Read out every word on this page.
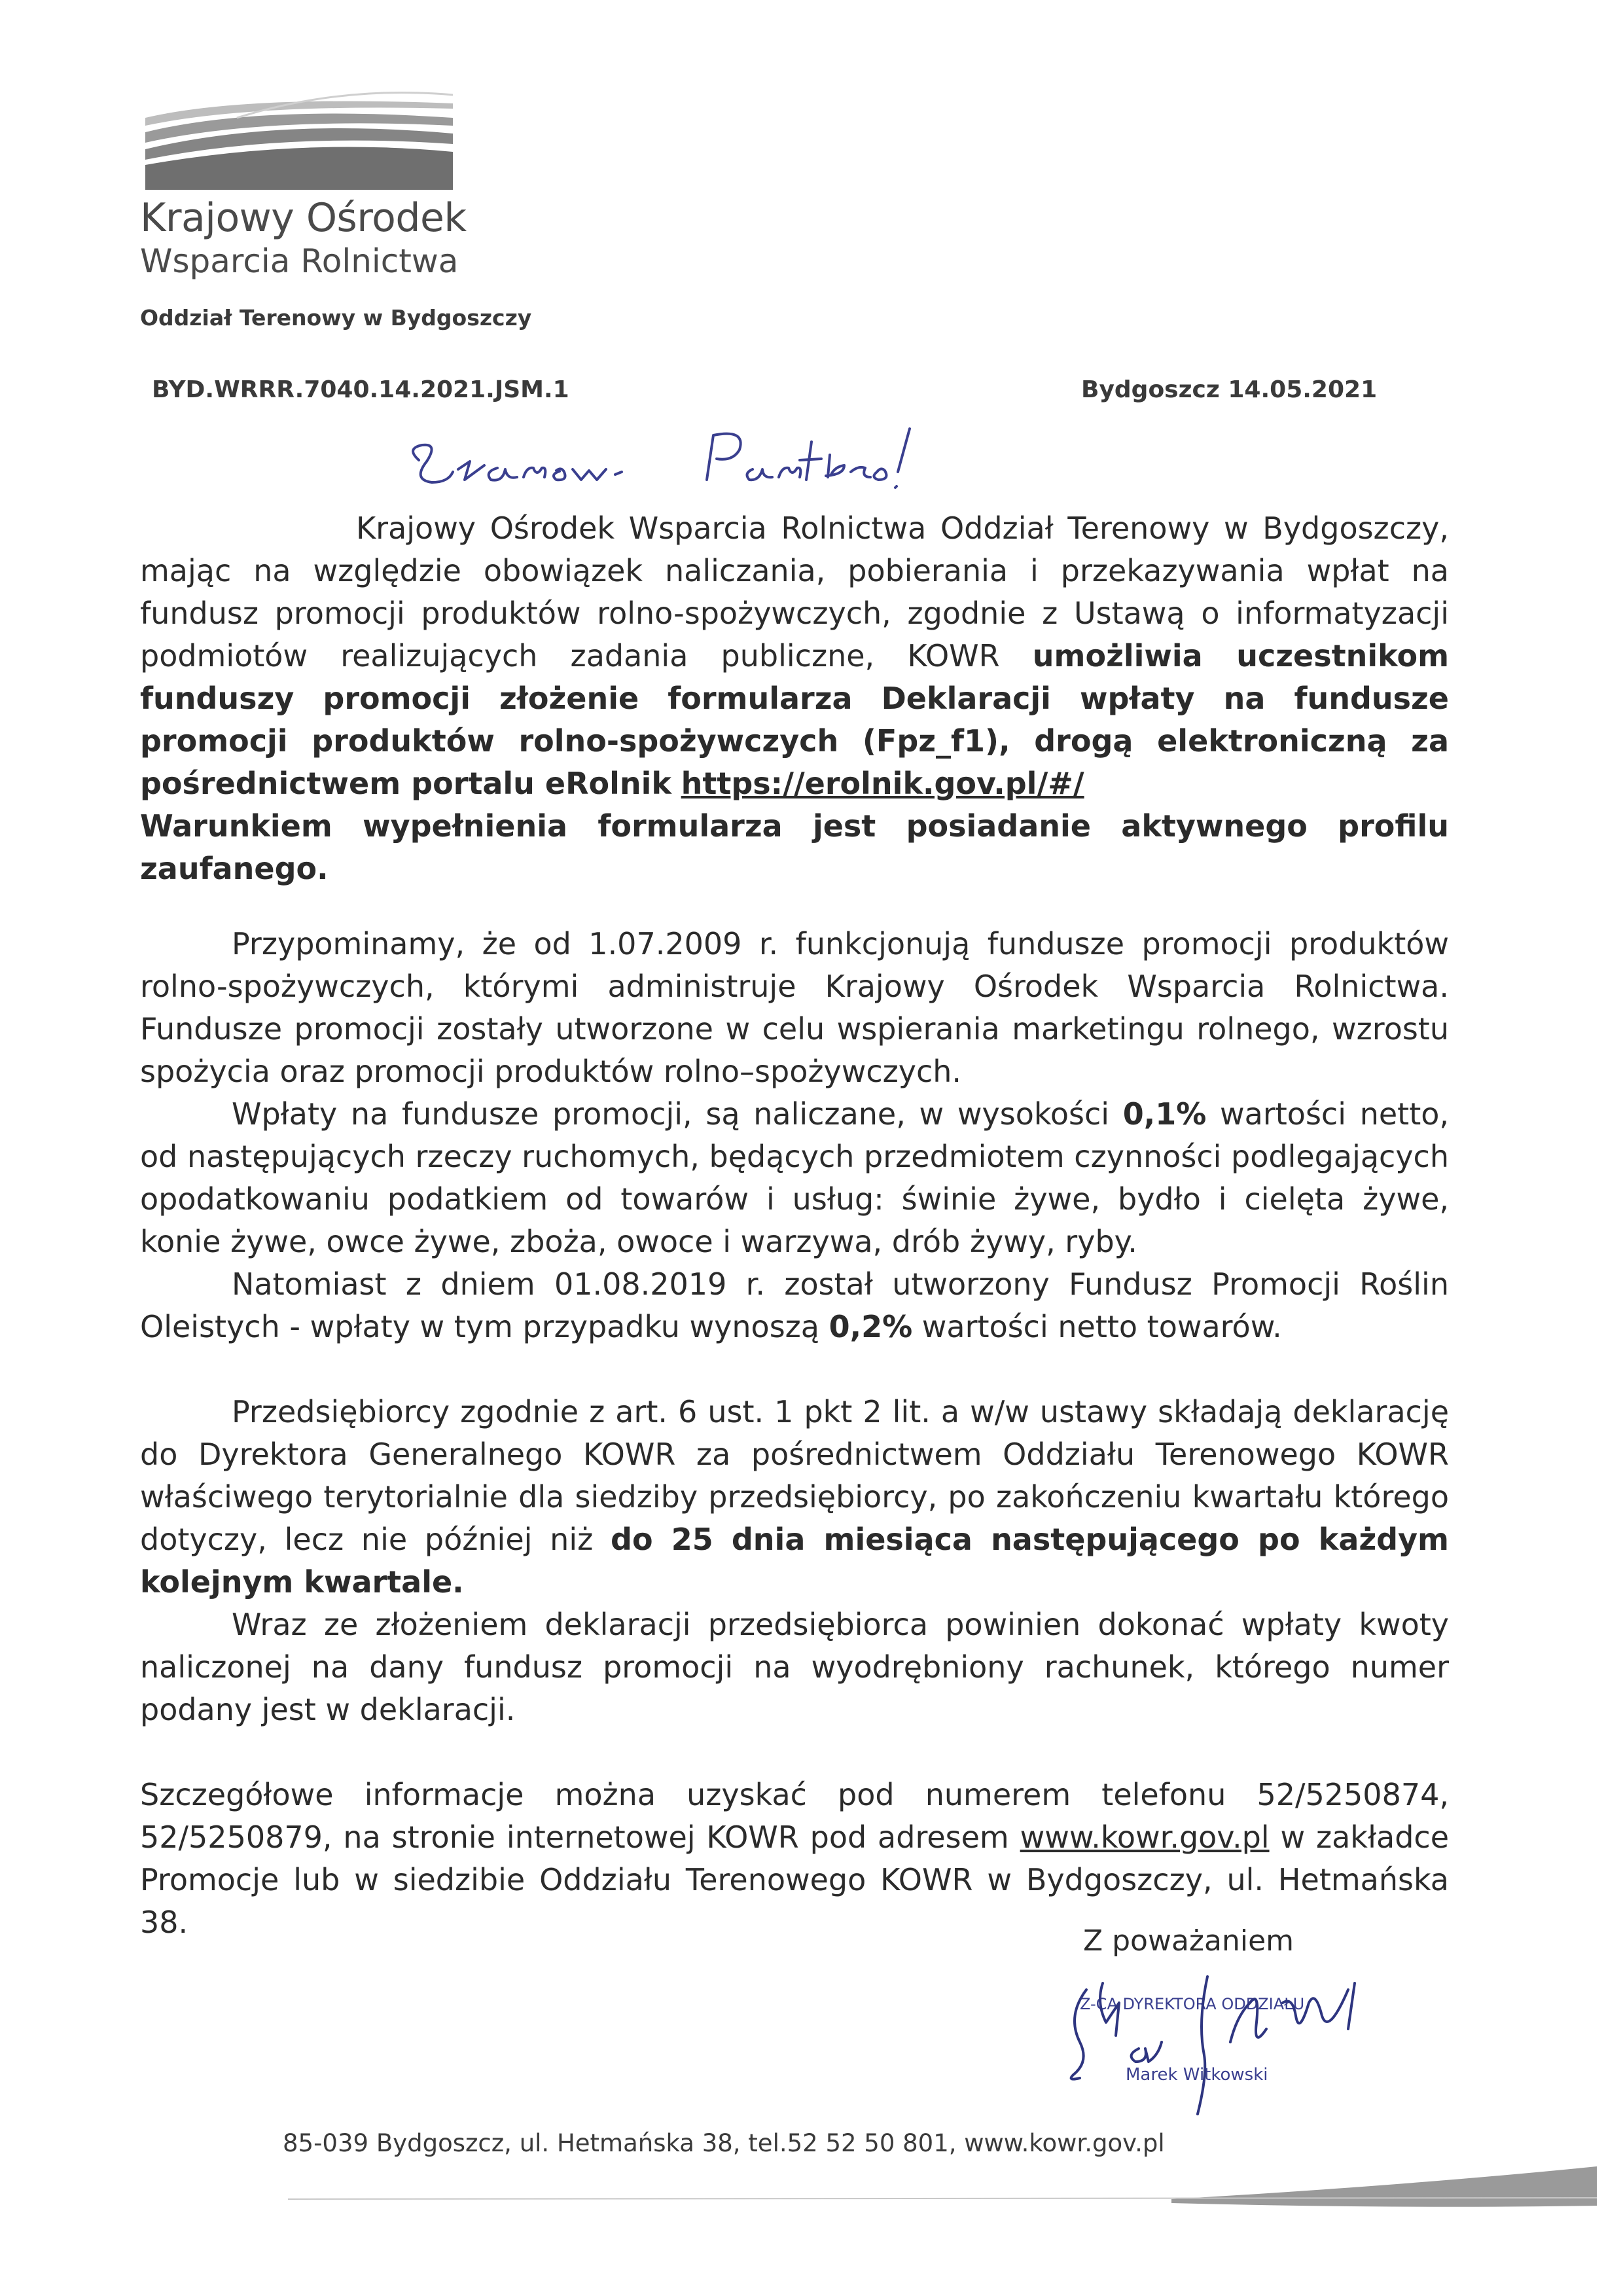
Krajowy Ośrodek
Wsparcia Rolnictwa
Oddział Terenowy w Bydgoszczy
BYD.WRRR.7040.14.2021.JSM.1	Bydgoszcz 14.05.2021
Krajowy Ośrodek Wsparcia Rolnictwa Oddział Terenowy w Bydgoszczy, mając na względzie obowiązek naliczania, pobierania i przekazywania wpłat na fundusz promocji produktów rolno-spożywczych, zgodnie z Ustawą o informatyzacji podmiotów realizujących zadania publiczne, KOWR umożliwia uczestnikom funduszy promocji złożenie formularza Deklaracji wpłaty na fundusze promocji produktów rolno-spożywczych (Fpz_f1), drogą elektroniczną za pośrednictwem portalu eRolnik https://erolnik.gov.pl/#/
Warunkiem wypełnienia formularza jest posiadanie aktywnego profilu zaufanego.
Przypominamy, że od 1.07.2009 r. funkcjonują fundusze promocji produktów rolno-spożywczych, którymi administruje Krajowy Ośrodek Wsparcia Rolnictwa. Fundusze promocji zostały utworzone w celu wspierania marketingu rolnego, wzrostu spożycia oraz promocji produktów rolno–spożywczych.
Wpłaty na fundusze promocji, są naliczane, w wysokości 0,1% wartości netto, od następujących rzeczy ruchomych, będących przedmiotem czynności podlegających opodatkowaniu podatkiem od towarów i usług: świnie żywe, bydło i cielęta żywe, konie żywe, owce żywe, zboża, owoce i warzywa, drób żywy, ryby.
Natomiast z dniem 01.08.2019 r. został utworzony Fundusz Promocji Roślin Oleistych - wpłaty w tym przypadku wynoszą 0,2% wartości netto towarów.
Przedsiębiorcy zgodnie z art. 6 ust. 1 pkt 2 lit. a w/w ustawy składają deklarację do Dyrektora Generalnego KOWR za pośrednictwem Oddziału Terenowego KOWR właściwego terytorialnie dla siedziby przedsiębiorcy, po zakończeniu kwartału którego dotyczy, lecz nie później niż do 25 dnia miesiąca następującego po każdym kolejnym kwartale.
Wraz ze złożeniem deklaracji przedsiębiorca powinien dokonać wpłaty kwoty naliczonej na dany fundusz promocji na wyodrębniony rachunek, którego numer podany jest w deklaracji.
Szczegółowe informacje można uzyskać pod numerem telefonu 52/5250874, 52/5250879, na stronie internetowej KOWR pod adresem www.kowr.gov.pl w zakładce Promocje lub w siedzibie Oddziału Terenowego KOWR w Bydgoszczy, ul. Hetmańska 38.
Z poważaniem
Z-CA DYREKTORA ODDZIAŁU
Marek Witkowski
85-039 Bydgoszcz, ul. Hetmańska 38, tel.52 52 50 801, www.kowr.gov.pl
